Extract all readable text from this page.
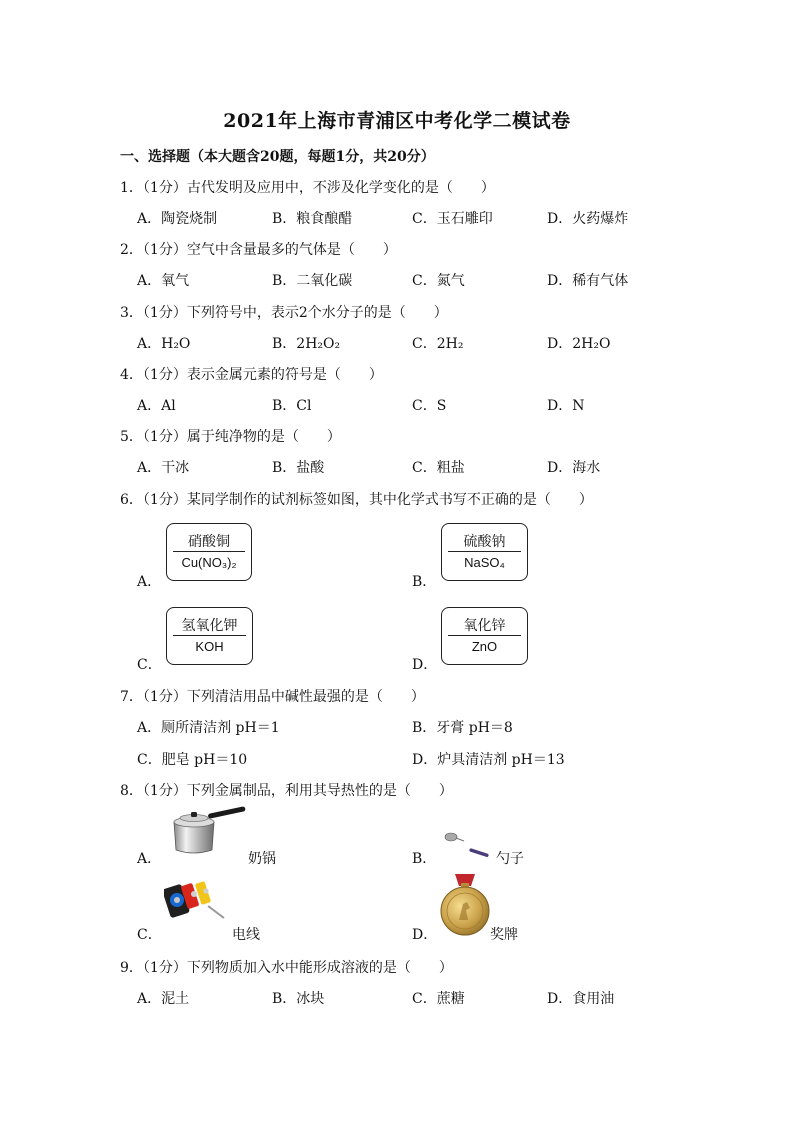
2021年上海市青浦区中考化学二模试卷
一、选择题（本大题含20题，每题1分，共20分）
1．（1分）古代发明及应用中，不涉及化学变化的是（　　）
A．陶瓷烧制	B．粮食酿醋	C．玉石雕印	D．火药爆炸
2．（1分）空气中含量最多的气体是（　　）
A．氧气	B．二氧化碳	C．氮气	D．稀有气体
3．（1分）下列符号中，表示2个水分子的是（　　）
A．H₂O	B．2H₂O₂	C．2H₂	D．2H₂O
4．（1分）表示金属元素的符号是（　　）
A．Al	B．Cl	C．S	D．N
5．（1分）属于纯净物的是（　　）
A．干冰	B．盐酸	C．粗盐	D．海水
6．（1分）某同学制作的试剂标签如图，其中化学式书写不正确的是（　　）
A．
硝酸铜
Cu(NO₃)₂
B．
硫酸钠
NaSO₄
C．
氢氧化钾
KOH
D．
氧化锌
ZnO
7．（1分）下列清洁用品中碱性最强的是（　　）
A．厕所清洁剂 pH＝1	B．牙膏 pH＝8
C．肥皂 pH＝10	D．炉具清洁剂 pH＝13
8．（1分）下列金属制品，利用其导热性的是（　　）
A．	奶锅	B．	勺子
C．	电线	D．	奖牌
9．（1分）下列物质加入水中能形成溶液的是（　　）
A．泥土	B．冰块	C．蔗糖	D．食用油
